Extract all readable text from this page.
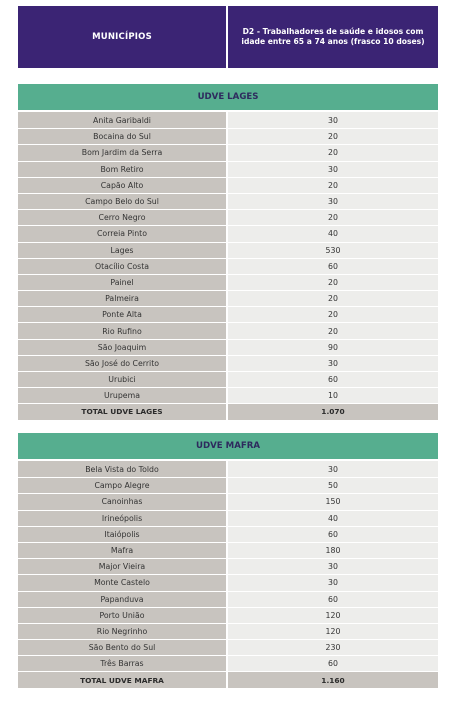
MUNICÍPIOS
D2 - Trabalhadores de saúde e idosos com idade entre 65 a 74 anos (frasco 10 doses)
UDVE LAGES
Anita Garibaldi	30
Bocaina do Sul	20
Bom Jardim da Serra	20
Bom Retiro	30
Capão Alto	20
Campo Belo do Sul	30
Cerro Negro	20
Correia Pinto	40
Lages	530
Otacílio Costa	60
Painel	20
Palmeira	20
Ponte Alta	20
Rio Rufino	20
São Joaquim	90
São José do Cerrito	30
Urubici	60
Urupema	10
TOTAL UDVE LAGES	1.070
UDVE MAFRA
Bela Vista do Toldo	30
Campo Alegre	50
Canoinhas	150
Irineópolis	40
Itaiópolis	60
Mafra	180
Major Vieira	30
Monte Castelo	30
Papanduva	60
Porto União	120
Rio Negrinho	120
São Bento do Sul	230
Três Barras	60
TOTAL UDVE MAFRA	1.160
